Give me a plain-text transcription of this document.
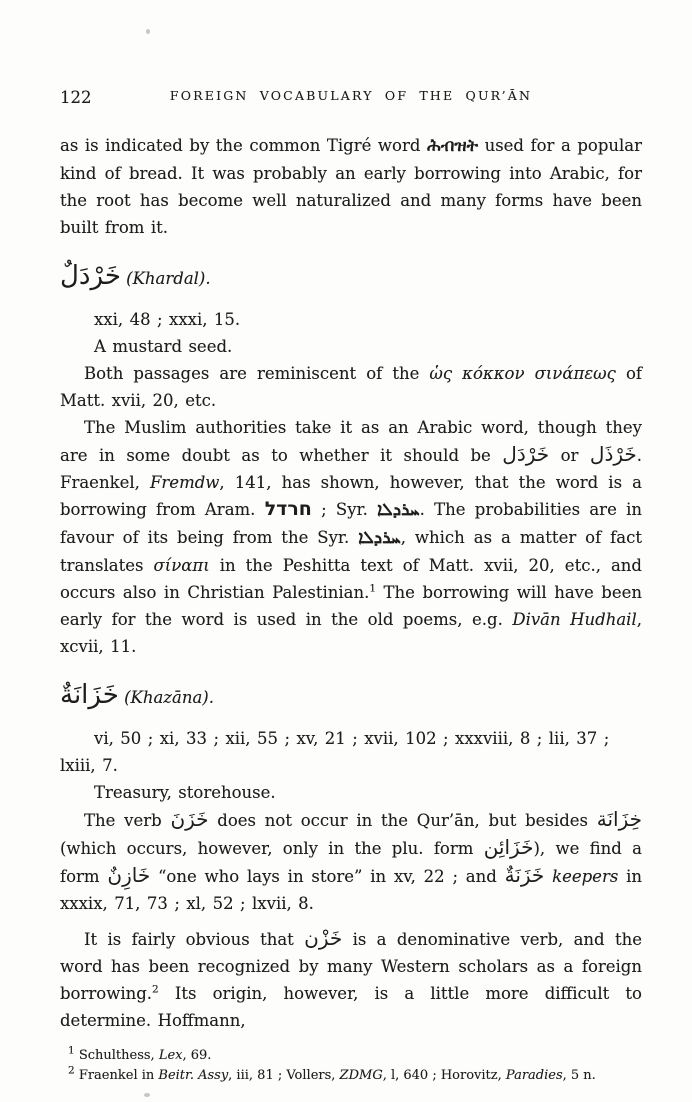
122	FOREIGN VOCABULARY OF THE QUR’ĀN

as is indicated by the common Tigré word ሕብዝት used for a popular kind of bread. It was probably an early borrowing into Arabic, for the root has become well naturalized and many forms have been built from it.

خَرْدَلٌ (Khardal).

xxi, 48 ; xxxi, 15.

A mustard seed.

Both passages are reminiscent of the ὡς κόκκον σινάπεως of Matt. xvii, 20, etc.

The Muslim authorities take it as an Arabic word, though they are in some doubt as to whether it should be خَرْدَل or خَرْذَل. Fraenkel, Fremdw, 141, has shown, however, that the word is a borrowing from Aram. חרדל ; Syr. ܚܪܕܠܐ. The probabilities are in favour of its being from the Syr. ܚܪܕܠܐ, which as a matter of fact translates σίναπι in the Peshitta text of Matt. xvii, 20, etc., and occurs also in Christian Palestinian.$^1$ The borrowing will have been early for the word is used in the old poems, e.g. Divān Hudhail, xcvii, 11.

خَزَانَةٌ (Khazāna).

vi, 50 ; xi, 33 ; xii, 55 ; xv, 21 ; xvii, 102 ; xxxviii, 8 ; lii, 37 ; lxiii, 7.

Treasury, storehouse.

The verb خَزَنَ does not occur in the Qur’ān, but besides خِزَانَة (which occurs, however, only in the plu. form خَزَائِن), we find a form خَازِنٌ “one who lays in store” in xv, 22 ; and خَزَنَةٌ keepers in xxxix, 71, 73 ; xl, 52 ; lxvii, 8.

It is fairly obvious that خَزْن is a denominative verb, and the word has been recognized by many Western scholars as a foreign borrowing.$^2$ Its origin, however, is a little more difficult to determine. Hoffmann,

$^1$ Schulthess, Lex, 69.

$^2$ Fraenkel in Beitr. Assy, iii, 81 ; Vollers, ZDMG, l, 640 ; Horovitz, Paradies, 5 n.
